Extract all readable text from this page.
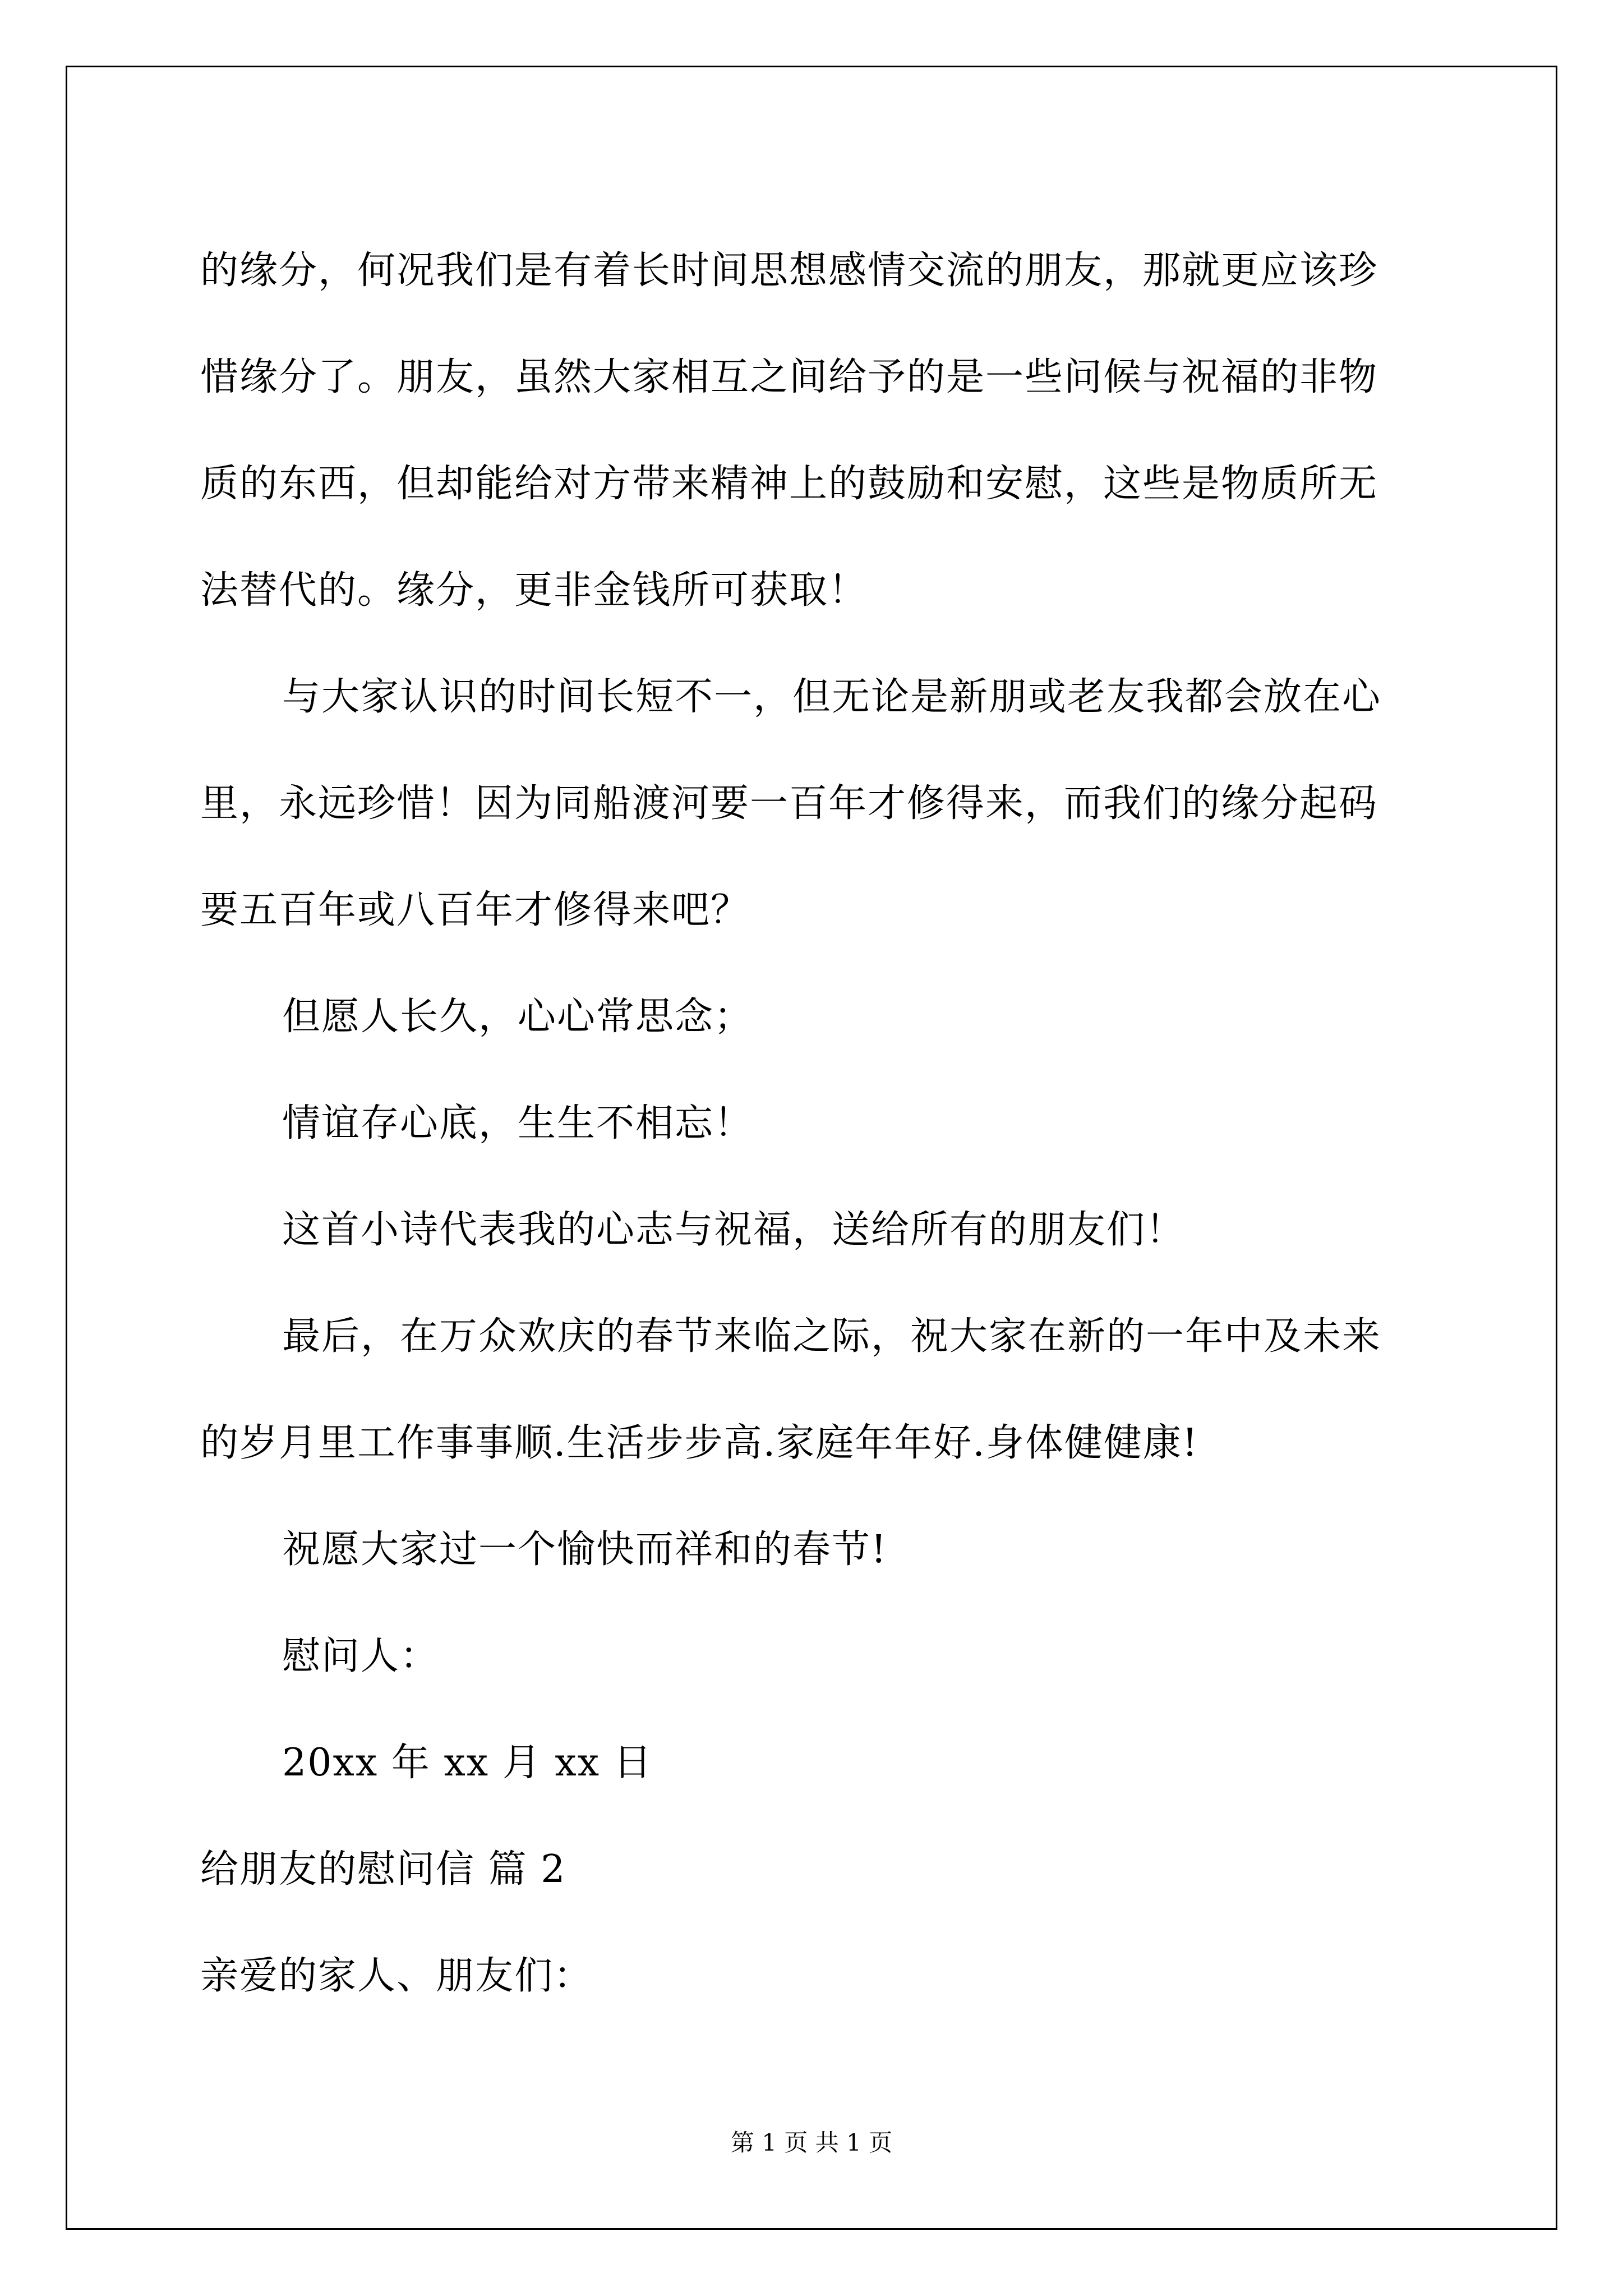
的缘分，何况我们是有着长时间思想感情交流的朋友，那就更应该珍
惜缘分了。朋友，虽然大家相互之间给予的是一些问候与祝福的非物
质的东西，但却能给对方带来精神上的鼓励和安慰，这些是物质所无
法替代的。缘分，更非金钱所可获取！
与大家认识的时间长短不一，但无论是新朋或老友我都会放在心
里，永远珍惜！因为同船渡河要一百年才修得来，而我们的缘分起码
要五百年或八百年才修得来吧？

但愿人长久，心心常思念；

情谊存心底，生生不相忘！

这首小诗代表我的心志与祝福，送给所有的朋友们！

最后，在万众欢庆的春节来临之际，祝大家在新的一年中及未来
的岁月里工作事事顺.生活步步高.家庭年年好.身体健健康!

祝愿大家过一个愉快而祥和的春节!

慰问人：

20xx 年 xx 月 xx 日

给朋友的慰问信 篇 2

亲爱的家人、朋友们：

第 1 页 共 1 页
